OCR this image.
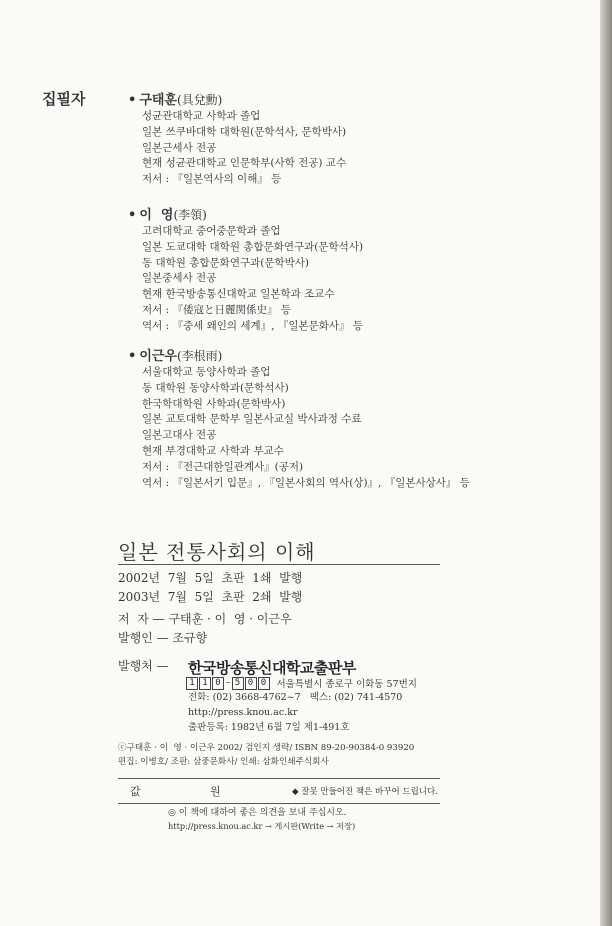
집필자	• 구태훈(具兌勳)
성균관대학교 사학과 졸업
일본 쓰쿠바대학 대학원(문학석사, 문학박사)
일본근세사 전공
현재 성균관대학교 인문학부(사학 전공) 교수
저서 : 『일본역사의 이해』 등
• 이  영(李領)
고려대학교 중어중문학과 졸업
일본 도쿄대학 대학원 총합문화연구과(문학석사)
동 대학원 총합문화연구과(문학박사)
일본중세사 전공
현재 한국방송통신대학교 일본학과 조교수
저서 : 『倭寇と日麗関係史』 등
역서 : 『중세 왜인의 세계』, 『일본문화사』 등
• 이근우(李根雨)
서울대학교 동양사학과 졸업
동 대학원 동양사학과(문학석사)
한국학대학원 사학과(문학박사)
일본 교토대학 문학부 일본사교실 박사과정 수료
일본고대사 전공
현재 부경대학교 사학과 부교수
저서 : 『전근대한일관계사』(공저)
역서 : 『일본서기 입문』, 『일본사회의 역사(상)』, 『일본사상사』 등
일본 전통사회의 이해
2002년  7월  5일  초판  1쇄  발행
2003년  7월  5일  초판  2쇄  발행
저  자 — 구태훈 · 이  영 · 이근우
발행인 — 조규향
발행처 — 한국방송통신대학교출판부
1 1 0 – 5 0 0	서울특별시 종로구 이화동 57번지
전화: (02) 3668-4762~7   팩스: (02) 741-4570
http://press.knou.ac.kr
출판등록: 1982년 6월 7일 제1-491호
ⓒ구태훈 · 이  영 · 이근우 2002/ 검인지 생략/ ISBN 89-20-90384-0 93920
편집: 이병호/ 조판: 삼중문화사/ 인쇄: 삼화인쇄주식회사
값	원	◆ 잘못 만들어진 책은 바꾸어 드립니다.
◎ 이 책에 대하여 좋은 의견을 보내 주십시오.
http://press.knou.ac.kr → 게시판(Write → 저장)
